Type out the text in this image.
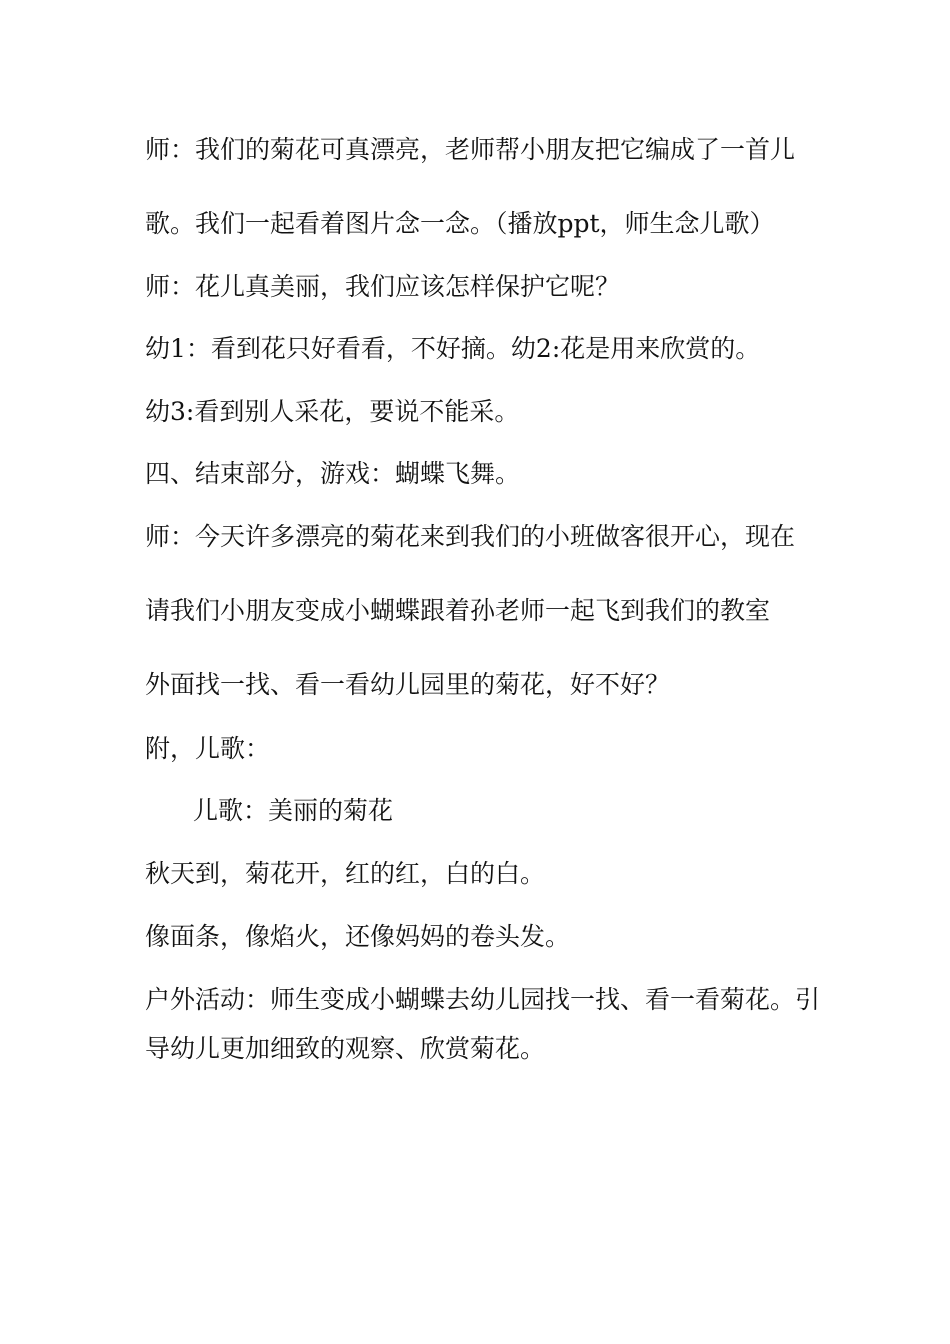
师：我们的菊花可真漂亮，老师帮小朋友把它编成了一首儿
歌。我们一起看着图片念一念。（播放ppt，师生念儿歌）
师：花儿真美丽，我们应该怎样保护它呢？
幼1：看到花只好看看，不好摘。幼2:花是用来欣赏的。
幼3:看到别人采花，要说不能采。
四、结束部分，游戏：蝴蝶飞舞。
师：今天许多漂亮的菊花来到我们的小班做客很开心，现在
请我们小朋友变成小蝴蝶跟着孙老师一起飞到我们的教室
外面找一找、看一看幼儿园里的菊花，好不好？
附，儿歌：
儿歌：美丽的菊花
秋天到，菊花开，红的红，白的白。
像面条，像焰火，还像妈妈的卷头发。
户外活动：师生变成小蝴蝶去幼儿园找一找、看一看菊花。引
导幼儿更加细致的观察、欣赏菊花。
